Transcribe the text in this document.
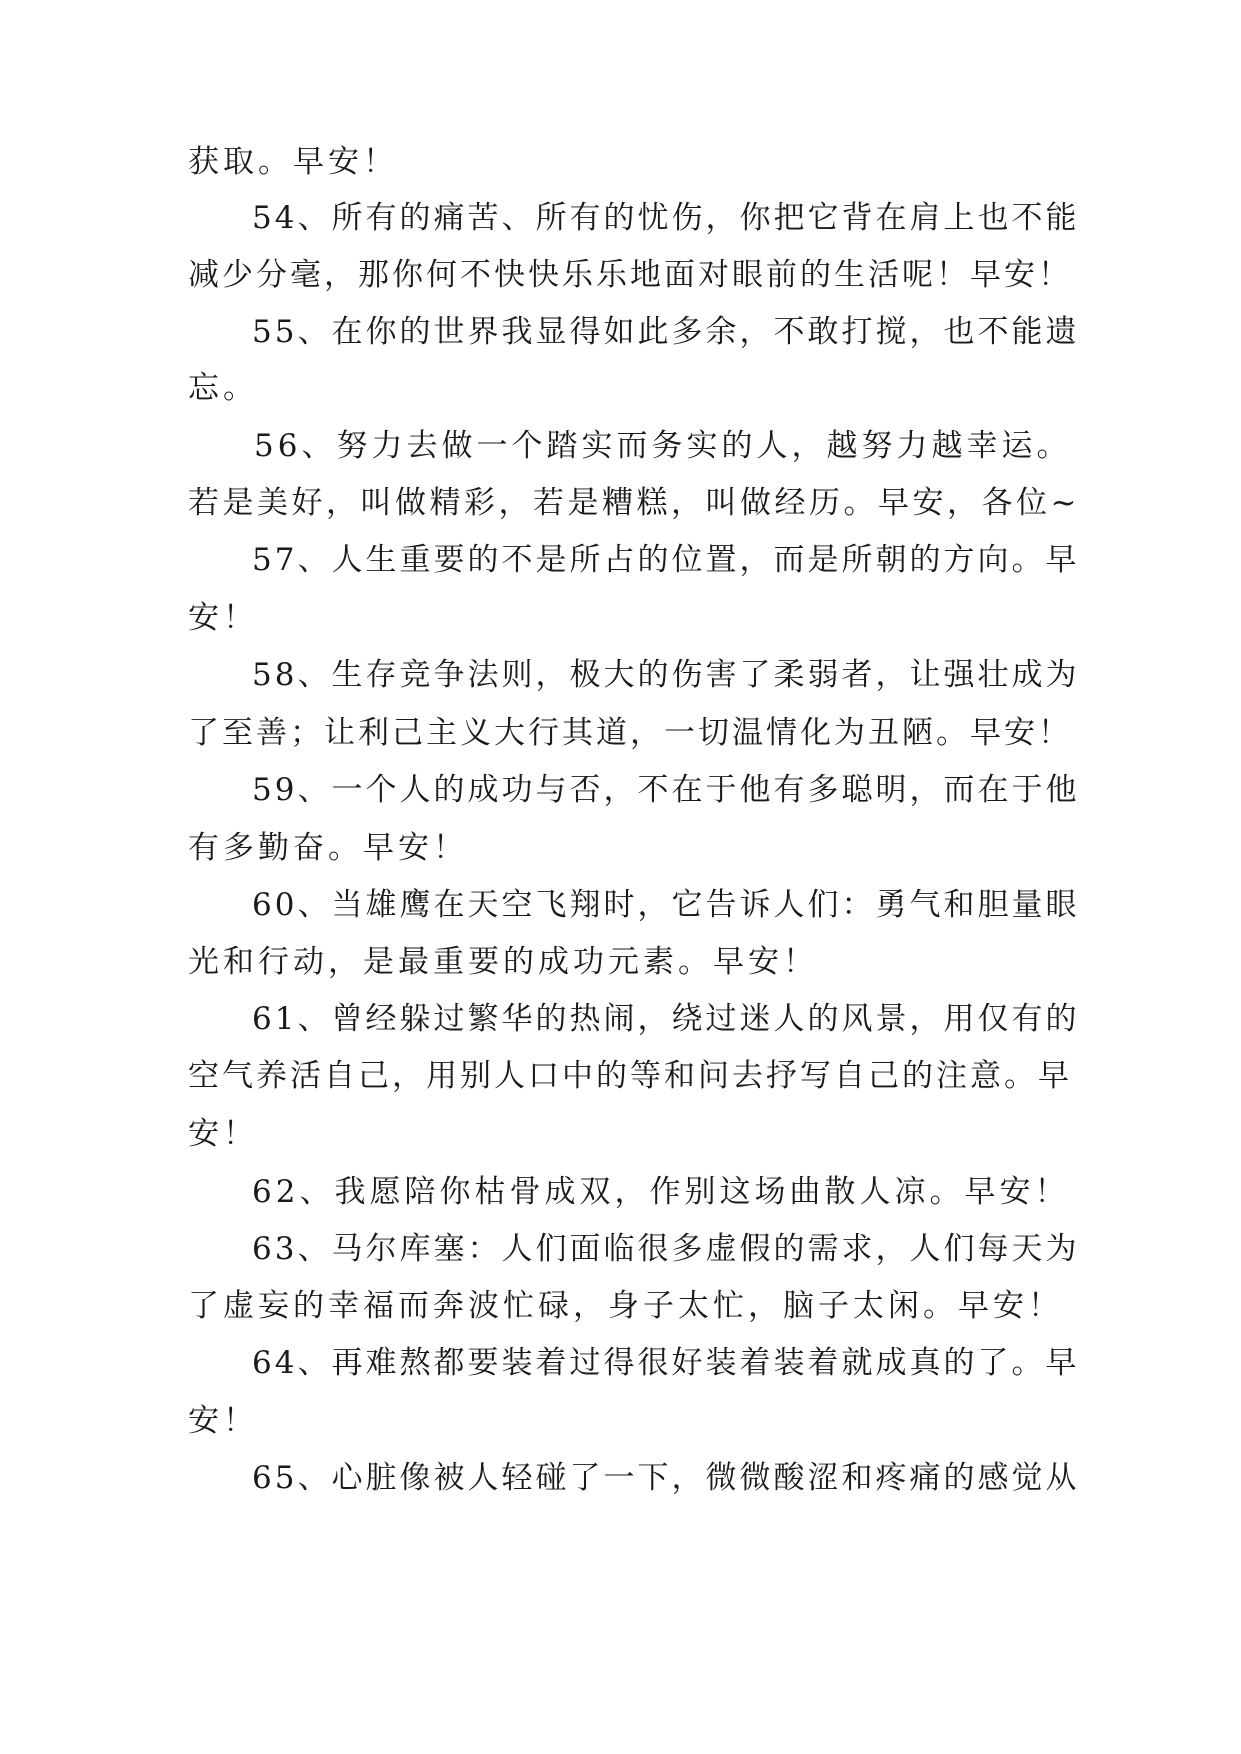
获取。早安！
54、所有的痛苦、所有的忧伤，你把它背在肩上也不能
减少分毫，那你何不快快乐乐地面对眼前的生活呢！早安！
55、在你的世界我显得如此多余，不敢打搅，也不能遗
忘。
56、努力去做一个踏实而务实的人，越努力越幸运。
若是美好，叫做精彩，若是糟糕，叫做经历。早安，各位~
57、人生重要的不是所占的位置，而是所朝的方向。早
安！
58、生存竞争法则，极大的伤害了柔弱者，让强壮成为
了至善；让利己主义大行其道，一切温情化为丑陋。早安！
59、一个人的成功与否，不在于他有多聪明，而在于他
有多勤奋。早安！
60、当雄鹰在天空飞翔时，它告诉人们：勇气和胆量眼
光和行动，是最重要的成功元素。早安！
61、曾经躲过繁华的热闹，绕过迷人的风景，用仅有的
空气养活自己，用别人口中的等和问去抒写自己的注意。早
安！
62、我愿陪你枯骨成双，作别这场曲散人凉。早安！
63、马尔库塞：人们面临很多虚假的需求，人们每天为
了虚妄的幸福而奔波忙碌，身子太忙，脑子太闲。早安！
64、再难熬都要装着过得很好装着装着就成真的了。早
安！
65、心脏像被人轻碰了一下，微微酸涩和疼痛的感觉从
